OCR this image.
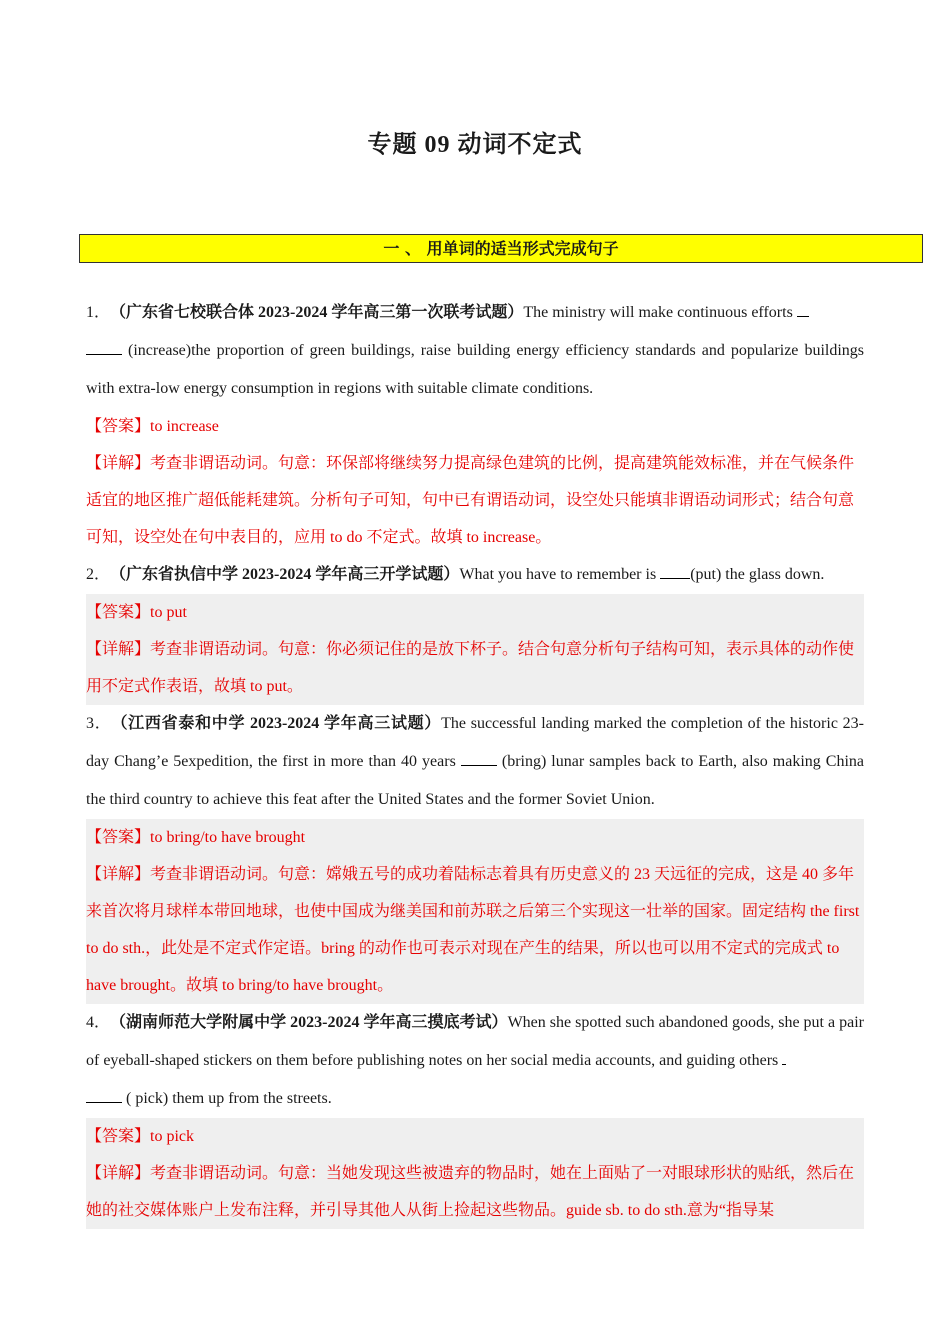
专题 09 动词不定式
一 、 用单词的适当形式完成句子

1． （广东省七校联合体 2023-2024 学年高三第一次联考试题）The ministry will make continuous efforts
(increase)the proportion of green buildings, raise building energy efficiency standards and popularize buildings with extra-low energy consumption in regions with suitable climate conditions.

【答案】to increase

【详解】考查非谓语动词。句意：环保部将继续努力提高绿色建筑的比例，提高建筑能效标准，并在气候条件适宜的地区推广超低能耗建筑。分析句子可知，句中已有谓语动词，设空处只能填非谓语动词形式；结合句意可知，设空处在句中表目的，应用 to do 不定式。故填 to increase。

2． （广东省执信中学 2023-2024 学年高三开学试题）What you have to remember is (put) the glass down.

【答案】to put

【详解】考查非谓语动词。句意：你必须记住的是放下杯子。结合句意分析句子结构可知，表示具体的动作使用不定式作表语，故填 to put。

3． （江西省泰和中学 2023-2024 学年高三试题）The successful landing marked the completion of the historic 23-day Chang’e 5expedition, the first in more than 40 years	(bring) lunar samples back to Earth, also making China the third country to achieve this feat after the United States and the former Soviet Union.

【答案】to bring/to have brought

【详解】考查非谓语动词。句意：嫦娥五号的成功着陆标志着具有历史意义的 23 天远征的完成，这是 40 多年来首次将月球样本带回地球，也使中国成为继美国和前苏联之后第三个实现这一壮举的国家。固定结构 the first to do sth.，此处是不定式作定语。bring 的动作也可表示对现在产生的结果，所以也可以用不定式的完成式 to have brought。故填 to bring/to have brought。

4． （湖南师范大学附属中学 2023-2024 学年高三摸底考试）When she spotted such abandoned goods, she put a pair of eyeball-shaped stickers on them before publishing notes on her social media accounts, and guiding others
( pick) them up from the streets.

【答案】to pick

【详解】考查非谓语动词。句意：当她发现这些被遗弃的物品时，她在上面贴了一对眼球形状的贴纸，然后在她的社交媒体账户上发布注释，并引导其他人从街上捡起这些物品。guide sb. to do sth.意为“指导某
